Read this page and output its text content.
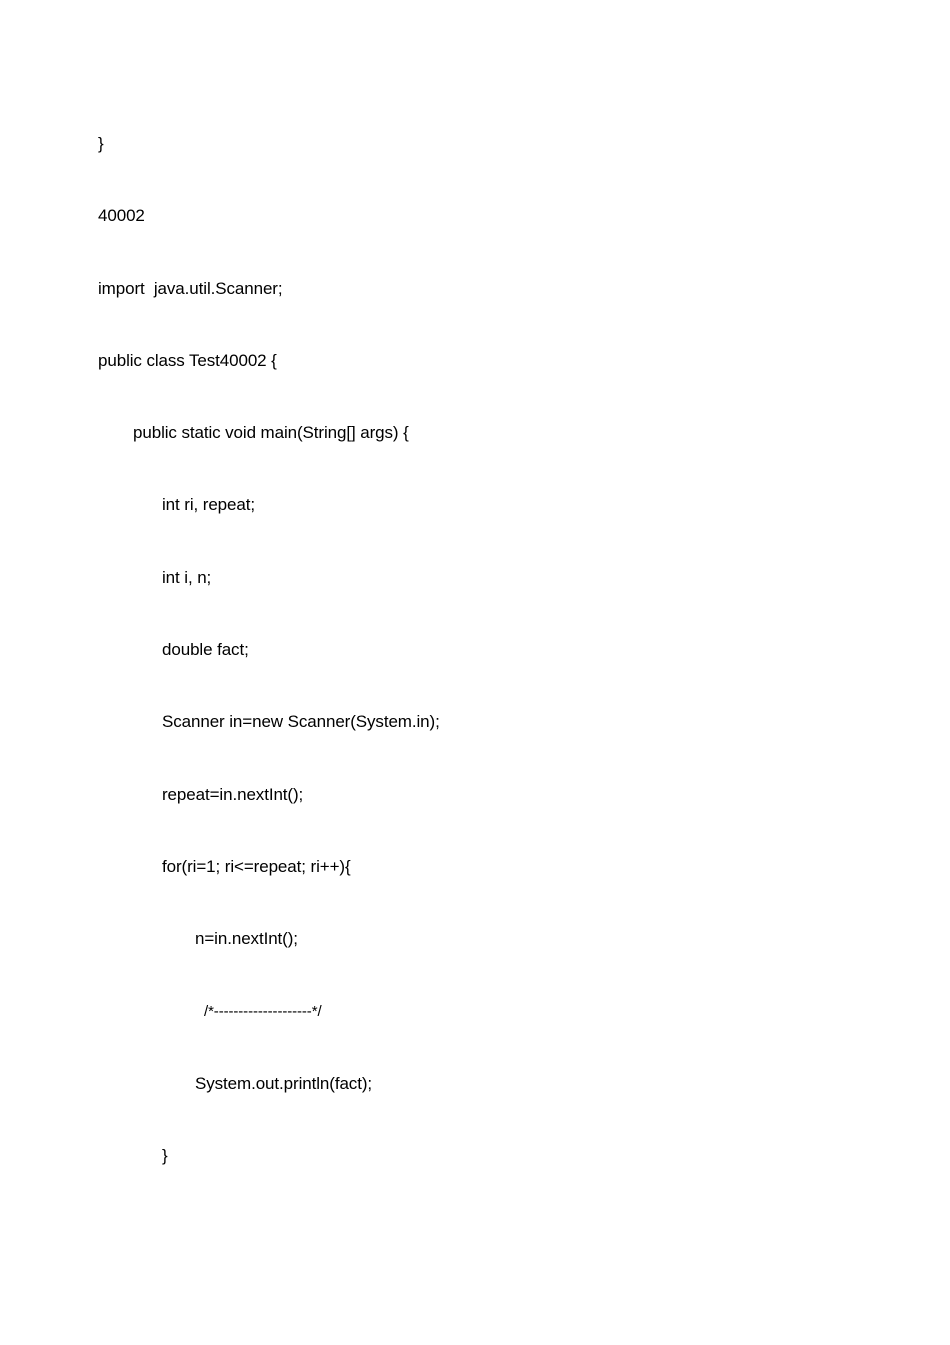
}
40002
import  java.util.Scanner;
public class Test40002 {
public static void main(String[] args) {
int ri, repeat;
int i, n;
double fact;
Scanner in=new Scanner(System.in);
repeat=in.nextInt();
for(ri=1; ri<=repeat; ri++){
n=in.nextInt();
/*--------------------*/
System.out.println(fact);
}
